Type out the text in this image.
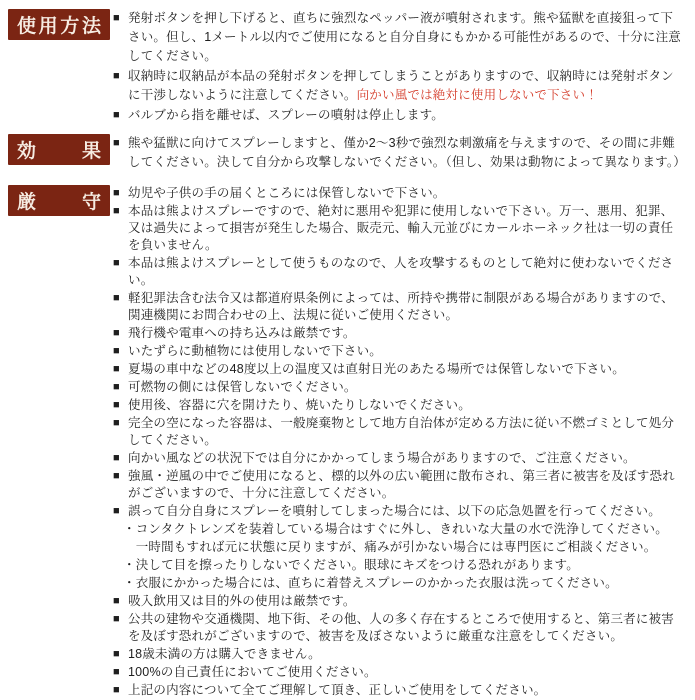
使 用 方 法 ■ 発射ボタンを押し下げると、直ちに強烈なペッパー液が噴射されます。熊や猛獣を直接狙って下さい。但し、1メートル以内でご使用になると自分自身にもかかる可能性があるので、十分に注意してください。
■ 収納時に収納品が本品の発射ボタンを押してしまうことがありますので、収納時には発射ボタンに干渉しないように注意してください。向かい風では絶対に使用しないで下さい！
■ バルブから指を離せば、スプレーの噴射は停止します。
効 果 ■ 熊や猛獣に向けてスプレーしますと、僅か2～3秒で強烈な刺激痛を与えますので、その間に非難してください。決して自分から攻撃しないでください。（但し、効果は動物によって異なります。）
厳 守 ■ 幼児や子供の手の届くところには保管しないで下さい。
■ 本品は熊よけスプレーですので、絶対に悪用や犯罪に使用しないで下さい。万一、悪用、犯罪、又は過失によって損害が発生した場合、販売元、輸入元並びにカールホーネック社は一切の責任を負いません。
■ 本品は熊よけスプレーとして使うものなので、人を攻撃するものとして絶対に使わないでください。
■ 軽犯罪法含む法令又は都道府県条例によっては、所持や携帯に制限がある場合がありますので、関連機関にお問合わせの上、法規に従いご使用ください。
■ 飛行機や電車への持ち込みは厳禁です。
■ いたずらに動植物には使用しないで下さい。
■ 夏場の車中などの48度以上の温度又は直射日光のあたる場所では保管しないで下さい。
■ 可燃物の側には保管しないでください。
■ 使用後、容器に穴を開けたり、焼いたりしないでください。
■ 完全の空になった容器は、一般廃棄物として地方自治体が定める方法に従い不燃ゴミとして処分してください。
■ 向かい風などの状況下では自分にかかってしまう場合がありますので、ご注意ください。
■ 強風・逆風の中でご使用になると、標的以外の広い範囲に散布され、第三者に被害を及ぼす恐れがございますので、十分に注意してください。
■ 誤って自分自身にスプレーを噴射してしまった場合には、以下の応急処置を行ってください。
・コンタクトレンズを装着している場合はすぐに外し、きれいな大量の水で洗浄してください。
　一時間もすれば元に状態に戻りますが、痛みが引かない場合には専門医にご相談ください。
・決して目を擦ったりしないでください。眼球にキズをつける恐れがあります。
・衣服にかかった場合には、直ちに着替えスプレーのかかった衣服は洗ってください。
■ 吸入飲用又は目的外の使用は厳禁です。
■ 公共の建物や交通機関、地下街、その他、人の多く存在するところで使用すると、第三者に被害を及ぼす恐れがございますので、被害を及ぼさないように厳重な注意をしてください。
■ 18歳未満の方は購入できません。
■ 100%の自己責任においてご使用ください。
■ 上記の内容について全てご理解して頂き、正しいご使用をしてください。
